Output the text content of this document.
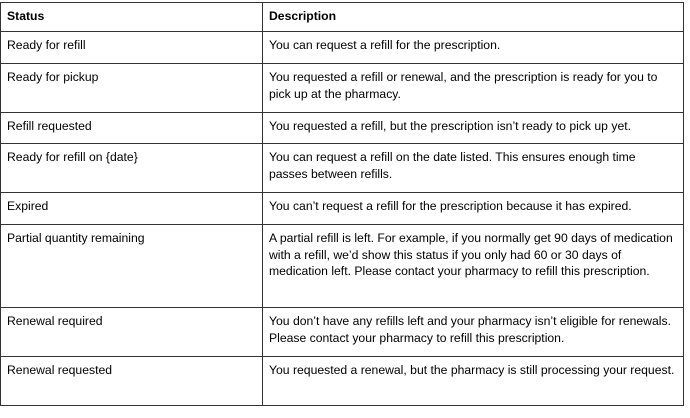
Status	Description
Ready for refill	You can request a refill for the prescription.
Ready for pickup	You requested a refill or renewal, and the prescription is ready for you to pick up at the pharmacy.
Refill requested	You requested a refill, but the prescription isn’t ready to pick up yet.
Ready for refill on {date}	You can request a refill on the date listed. This ensures enough time passes between refills.
Expired	You can’t request a refill for the prescription because it has expired.
Partial quantity remaining	A partial refill is left. For example, if you normally get 90 days of medication with a refill, we’d show this status if you only had 60 or 30 days of medication left. Please contact your pharmacy to refill this prescription.
Renewal required	You don’t have any refills left and your pharmacy isn’t eligible for renewals. Please contact your pharmacy to refill this prescription.
Renewal requested	You requested a renewal, but the pharmacy is still processing your request.
